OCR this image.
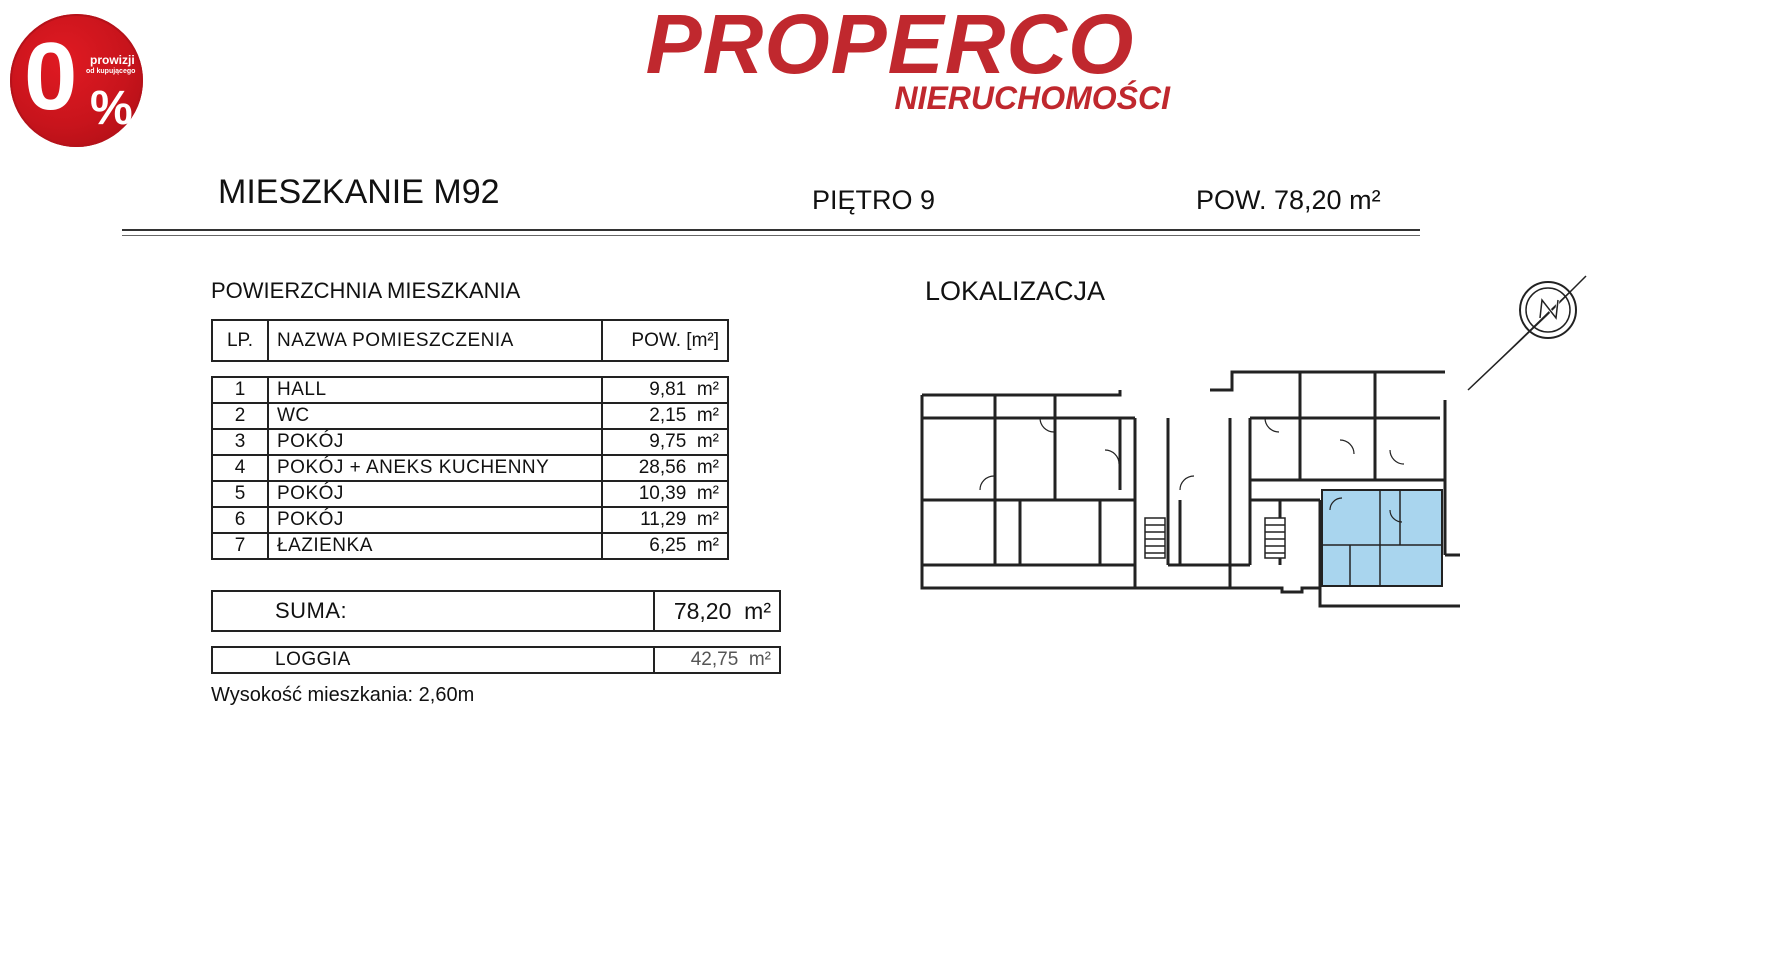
0 prowizji
od kupującego
%
PROPERCO
NIERUCHOMOŚCI
MIESZKANIE M92	PIĘTRO 9	POW. 78,20 m²
POWIERZCHNIA MIESZKANIA
LP.	NAZWA POMIESZCZENIA	POW. [m²]
1	HALL	9,81 m²
2	WC	2,15 m²
3	POKÓJ	9,75 m²
4	POKÓJ + ANEKS KUCHENNY	28,56 m²
5	POKÓJ	10,39 m²
6	POKÓJ	11,29 m²
7	ŁAZIENKA	6,25 m²
SUMA:	78,20 m²
LOGGIA	42,75 m²
Wysokość mieszkania: 2,60m
LOKALIZACJA
